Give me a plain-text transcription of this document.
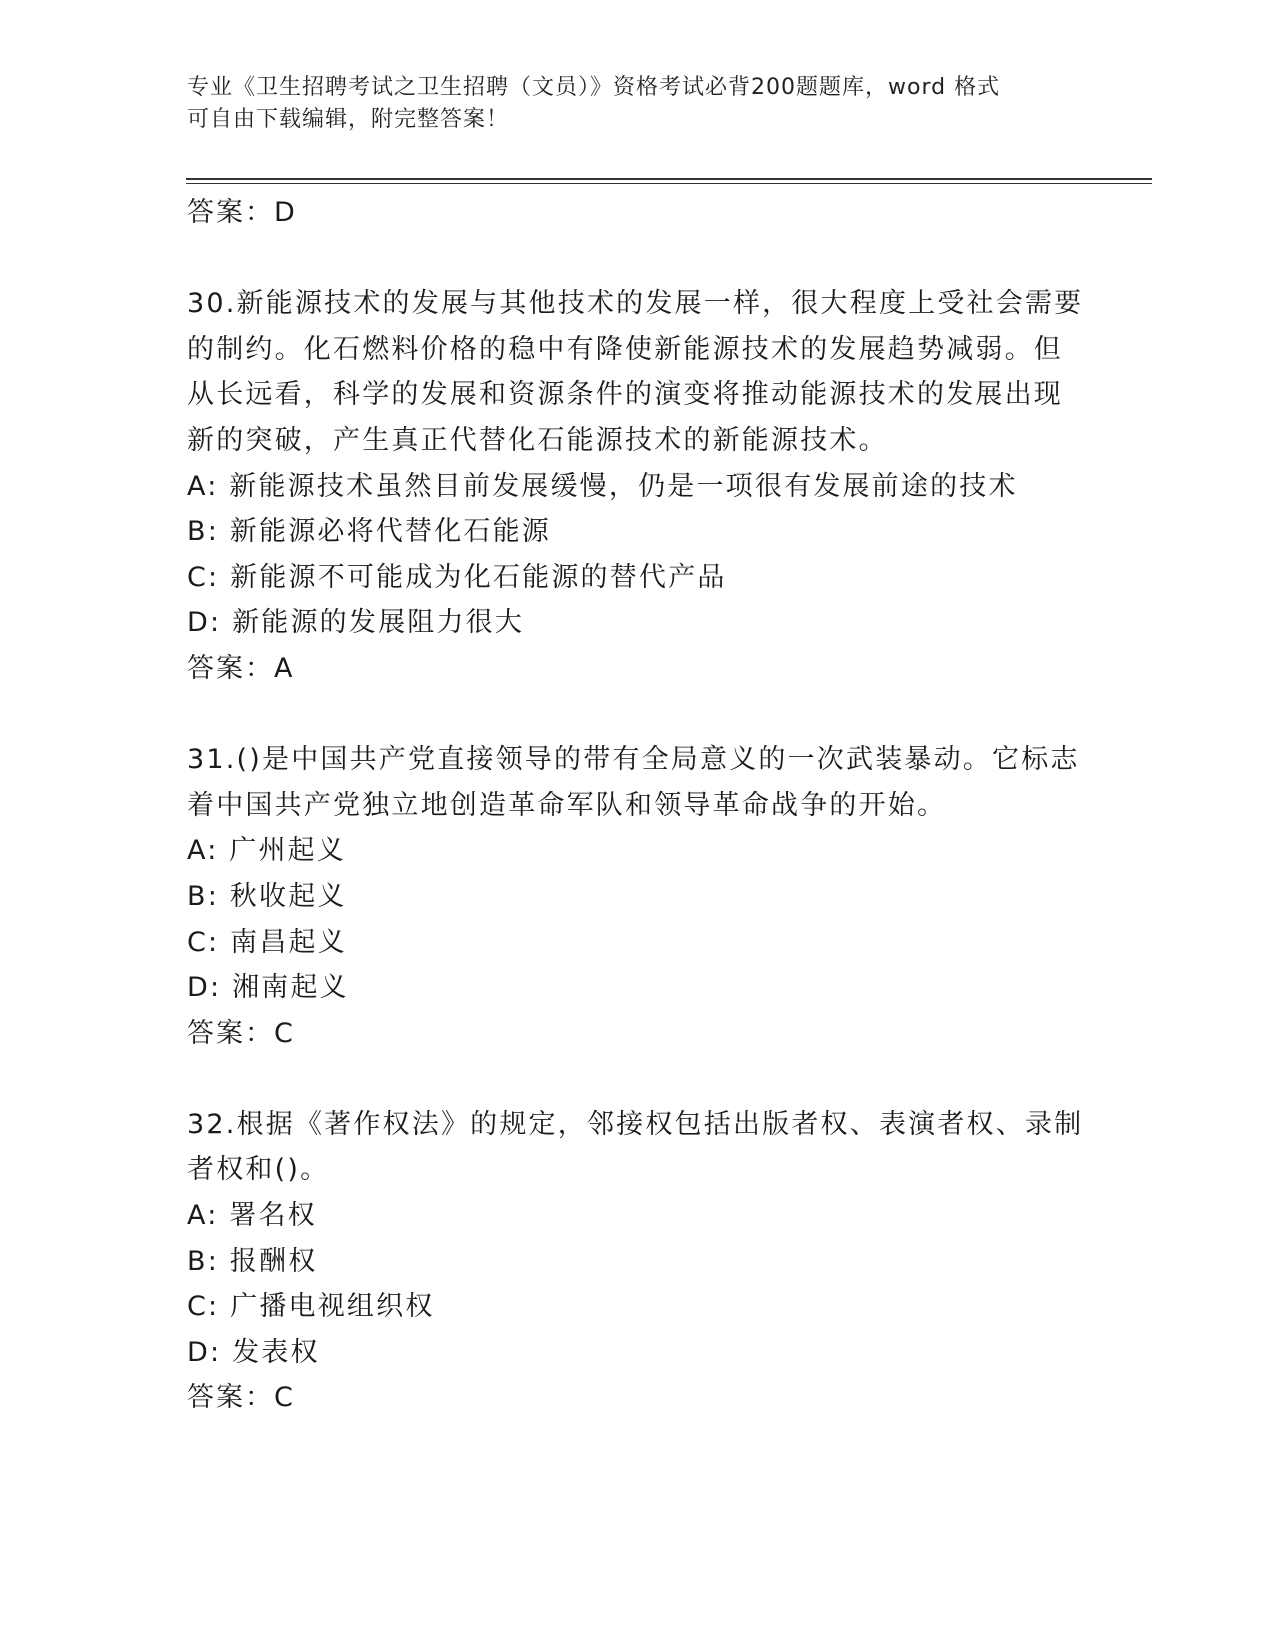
专业《卫生招聘考试之卫生招聘（文员）》资格考试必背200题题库，word 格式
可自由下载编辑，附完整答案！
答案：D
30.新能源技术的发展与其他技术的发展一样，很大程度上受社会需要
的制约。化石燃料价格的稳中有降使新能源技术的发展趋势减弱。但
从长远看，科学的发展和资源条件的演变将推动能源技术的发展出现
新的突破，产生真正代替化石能源技术的新能源技术。
A: 新能源技术虽然目前发展缓慢，仍是一项很有发展前途的技术
B: 新能源必将代替化石能源
C: 新能源不可能成为化石能源的替代产品
D: 新能源的发展阻力很大
答案：A
31.()是中国共产党直接领导的带有全局意义的一次武装暴动。它标志
着中国共产党独立地创造革命军队和领导革命战争的开始。
A: 广州起义
B: 秋收起义
C: 南昌起义
D: 湘南起义
答案：C
32.根据《著作权法》的规定，邻接权包括出版者权、表演者权、录制
者权和()。
A: 署名权
B: 报酬权
C: 广播电视组织权
D: 发表权
答案：C
